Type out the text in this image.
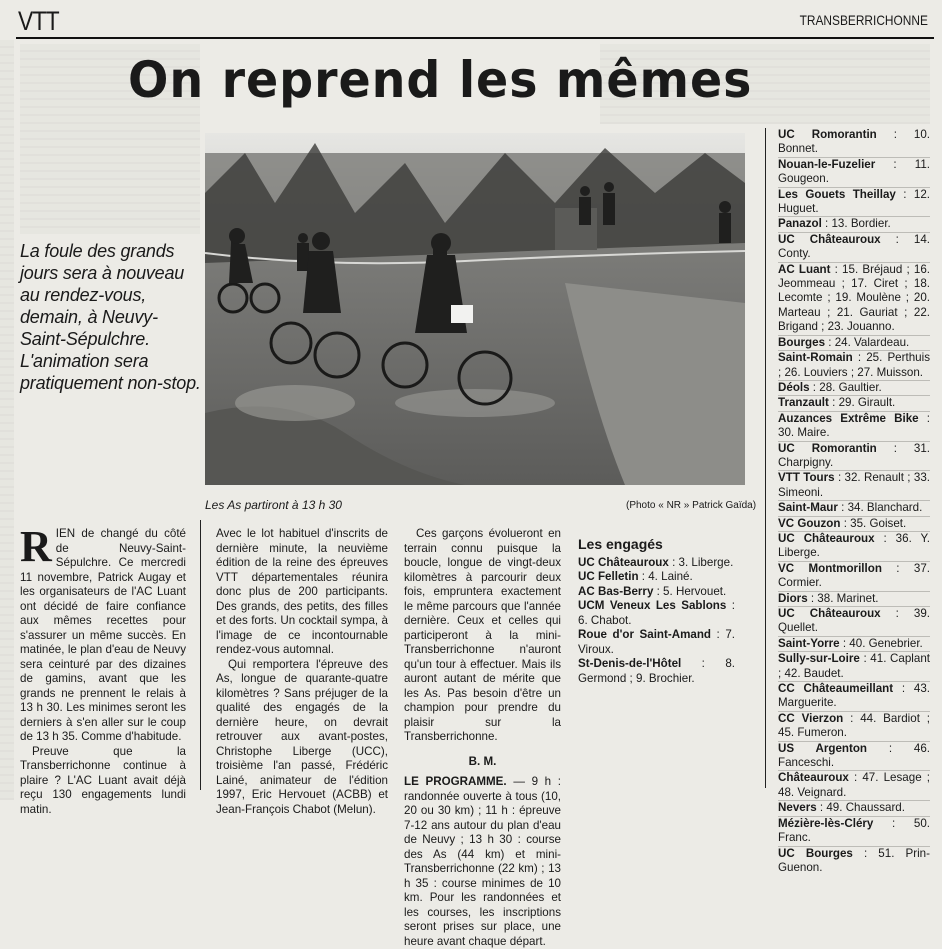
VTT	TRANSBERRICHONNE
On reprend les mêmes

La foule des grands jours sera à nouveau au rendez-vous, demain, à Neuvy-Saint-Sépulchre. L'animation sera pratiquement non-stop.

Les As partiront à 13 h 30	(Photo « NR » Patrick Gaïda)

RIEN de changé du côté de Neuvy-Saint-Sépulchre. Ce mercredi 11 novembre, Patrick Augay et les organisateurs de l'AC Luant ont décidé de faire confiance aux mêmes recettes pour s'assurer un même succès. En matinée, le plan d'eau de Neuvy sera ceinturé par des dizaines de gamins, avant que les grands ne prennent le relais à 13 h 30. Les minimes seront les derniers à s'en aller sur le coup de 13 h 35. Comme d'habitude.

Preuve que la Transberrichonne continue à plaire ? L'AC Luant avait déjà reçu 130 engagements lundi matin.

Avec le lot habituel d'inscrits de dernière minute, la neuvième édition de la reine des épreuves VTT départementales réunira donc plus de 200 participants. Des grands, des petits, des filles et des forts. Un cocktail sympa, à l'image de ce incontournable rendez-vous automnal.

Qui remportera l'épreuve des As, longue de quarante-quatre kilomètres ? Sans préjuger de la qualité des engagés de la dernière heure, on devrait retrouver aux avant-postes, Christophe Liberge (UCC), troisième l'an passé, Frédéric Lainé, animateur de l'édition 1997, Eric Hervouet (ACBB) et Jean-François Chabot (Melun).

Ces garçons évolueront en terrain connu puisque la boucle, longue de vingt-deux kilomètres à parcourir deux fois, empruntera exactement le même parcours que l'année dernière. Ceux et celles qui participeront à la mini-Transberrichonne n'auront qu'un tour à effectuer. Mais ils auront autant de mérite que les As. Pas besoin d'être un champion pour prendre du plaisir sur la Transberrichonne.

B. M.

LE PROGRAMME. — 9 h : randonnée ouverte à tous (10, 20 ou 30 km) ; 11 h : épreuve 7-12 ans autour du plan d'eau de Neuvy ; 13 h 30 : course des As (44 km) et mini-Transberrichonne (22 km) ; 13 h 35 : course minimes de 10 km. Pour les randonnées et les courses, les inscriptions seront prises sur place, une heure avant chaque départ.

Les engagés
UC Châteauroux : 3. Liberge.
UC Felletin : 4. Lainé.
AC Bas-Berry : 5. Hervouet.
UCM Veneux Les Sablons : 6. Chabot.
Roue d'or Saint-Amand : 7. Viroux.
St-Denis-de-l'Hôtel : 8. Germond ; 9. Brochier.
UC Romorantin : 10. Bonnet.
Nouan-le-Fuzelier : 11. Gougeon.
Les Gouets Theillay : 12. Huguet.
Panazol : 13. Bordier.
UC Châteauroux : 14. Conty.
AC Luant : 15. Bréjaud ; 16. Jeommeau ; 17. Ciret ; 18. Lecomte ; 19. Moulène ; 20. Marteau ; 21. Gauriat ; 22. Brigand ; 23. Jouanno.
Bourges : 24. Valardeau.
Saint-Romain : 25. Perthuis ; 26. Louviers ; 27. Muisson.
Déols : 28. Gaultier.
Tranzault : 29. Girault.
Auzances Extrême Bike : 30. Maire.
UC Romorantin : 31. Charpigny.
VTT Tours : 32. Renault ; 33. Simeoni.
Saint-Maur : 34. Blanchard.
VC Gouzon : 35. Goiset.
UC Châteauroux : 36. Y. Liberge.
VC Montmorillon : 37. Cormier.
Diors : 38. Marinet.
UC Châteauroux : 39. Quellet.
Saint-Yorre : 40. Genebrier.
Sully-sur-Loire : 41. Caplant ; 42. Baudet.
CC Châteaumeillant : 43. Marguerite.
CC Vierzon : 44. Bardiot ; 45. Fumeron.
US Argenton : 46. Fanceschi.
Châteauroux : 47. Lesage ; 48. Veignard.
Nevers : 49. Chaussard.
Mézière-lès-Cléry : 50. Franc.
UC Bourges : 51. Prin-Guenon.
